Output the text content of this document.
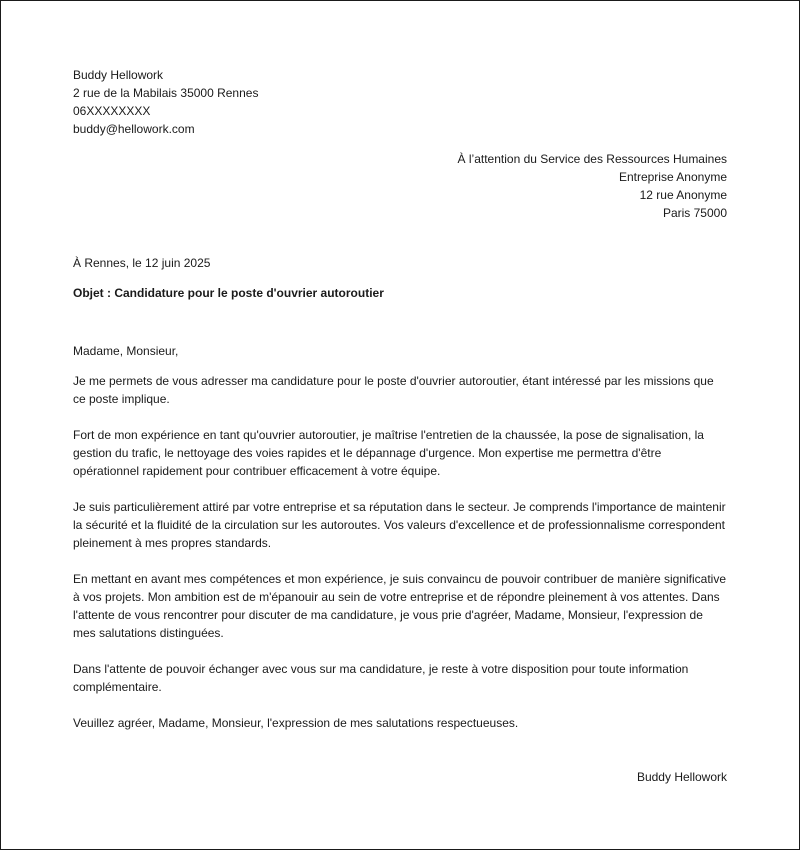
Buddy Hellowork
2 rue de la Mabilais 35000 Rennes
06XXXXXXXX
buddy@hellowork.com
À l’attention du Service des Ressources Humaines
Entreprise Anonyme
12 rue Anonyme
Paris 75000
À Rennes, le 12 juin 2025
Objet : Candidature pour le poste d'ouvrier autoroutier
Madame, Monsieur,
Je me permets de vous adresser ma candidature pour le poste d'ouvrier autoroutier, étant intéressé par les missions que ce poste implique.
Fort de mon expérience en tant qu'ouvrier autoroutier, je maîtrise l'entretien de la chaussée, la pose de signalisation, la gestion du trafic, le nettoyage des voies rapides et le dépannage d'urgence. Mon expertise me permettra d'être opérationnel rapidement pour contribuer efficacement à votre équipe.
Je suis particulièrement attiré par votre entreprise et sa réputation dans le secteur. Je comprends l'importance de maintenir la sécurité et la fluidité de la circulation sur les autoroutes. Vos valeurs d'excellence et de professionnalisme correspondent pleinement à mes propres standards.
En mettant en avant mes compétences et mon expérience, je suis convaincu de pouvoir contribuer de manière significative à vos projets. Mon ambition est de m'épanouir au sein de votre entreprise et de répondre pleinement à vos attentes. Dans l'attente de vous rencontrer pour discuter de ma candidature, je vous prie d'agréer, Madame, Monsieur, l'expression de mes salutations distinguées.
Dans l'attente de pouvoir échanger avec vous sur ma candidature, je reste à votre disposition pour toute information complémentaire.
Veuillez agréer, Madame, Monsieur, l'expression de mes salutations respectueuses.
Buddy Hellowork
